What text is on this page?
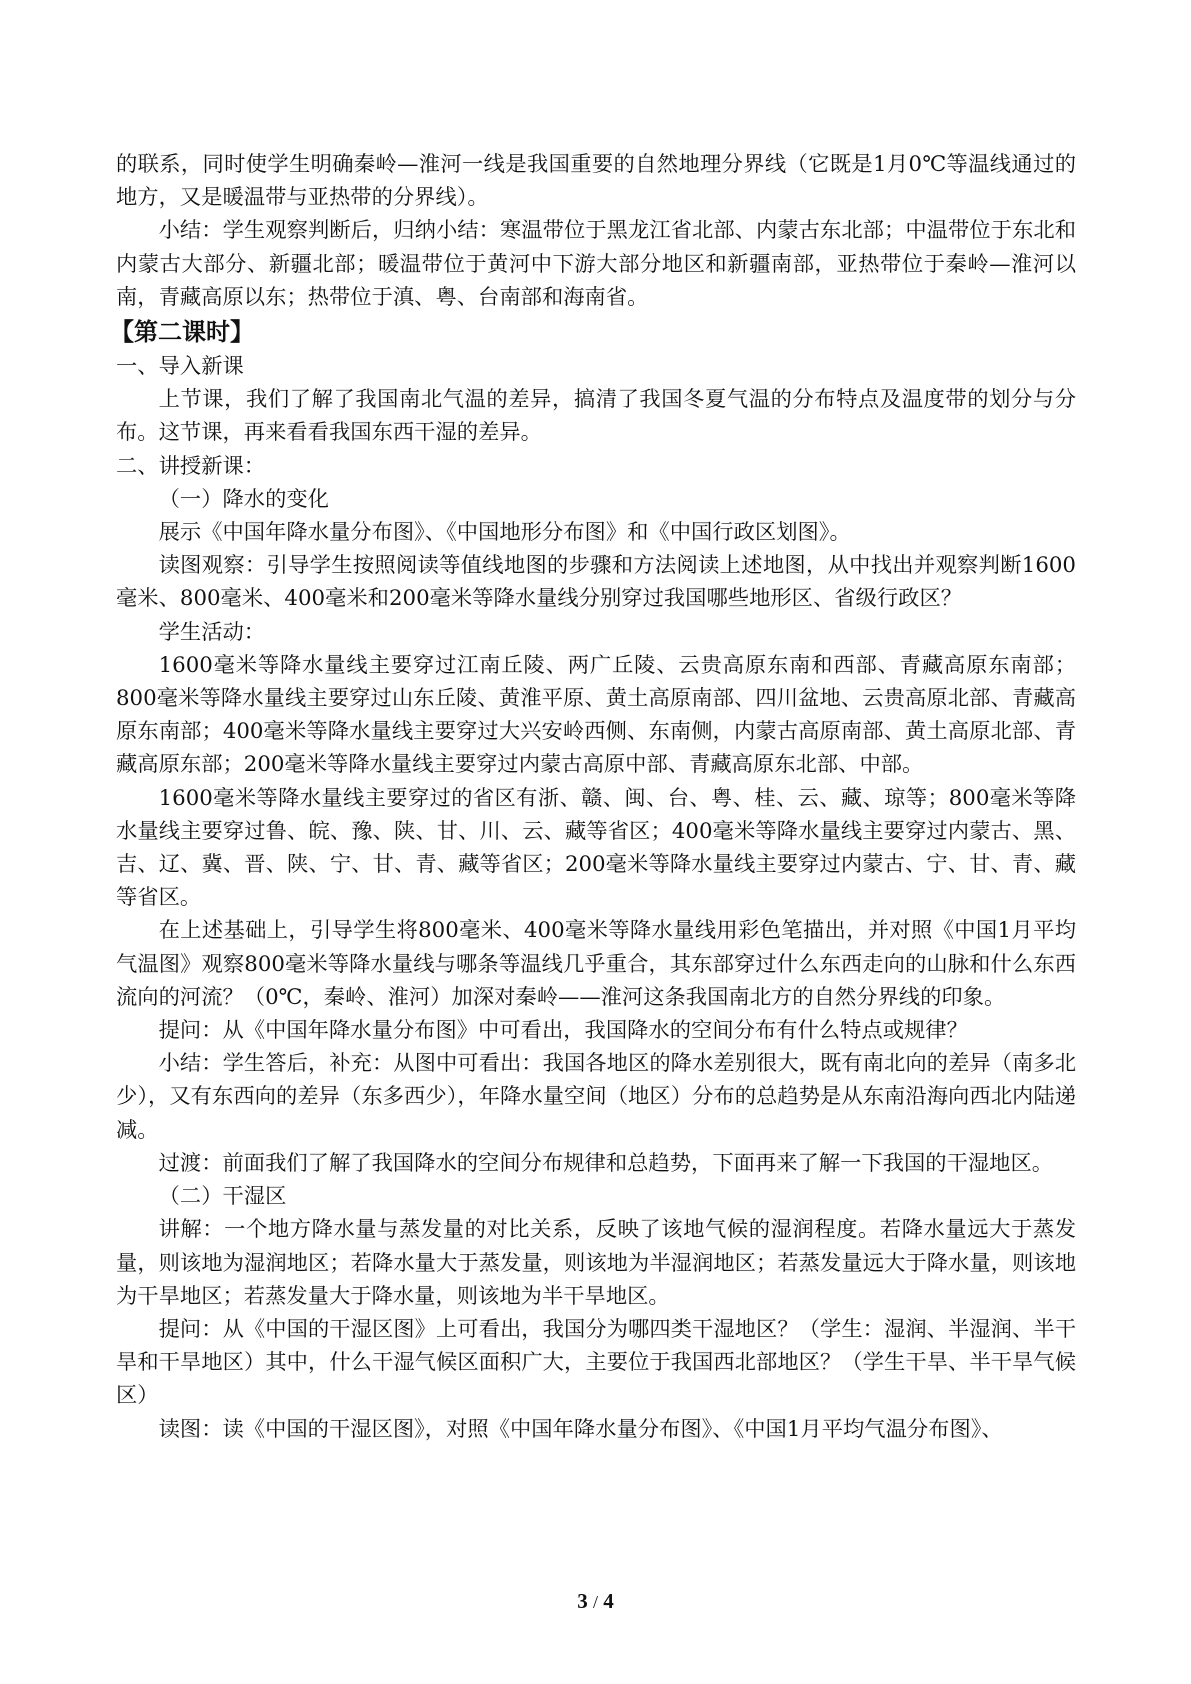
的联系，同时使学生明确秦岭—淮河一线是我国重要的自然地理分界线（它既是1月0℃等温线通过的地方，又是暖温带与亚热带的分界线）。

小结：学生观察判断后，归纳小结：寒温带位于黑龙江省北部、内蒙古东北部；中温带位于东北和内蒙古大部分、新疆北部；暖温带位于黄河中下游大部分地区和新疆南部，亚热带位于秦岭—淮河以南，青藏高原以东；热带位于滇、粤、台南部和海南省。

【第二课时】

一、导入新课

上节课，我们了解了我国南北气温的差异，搞清了我国冬夏气温的分布特点及温度带的划分与分布。这节课，再来看看我国东西干湿的差异。

二、讲授新课：

（一）降水的变化

展示《中国年降水量分布图》、《中国地形分布图》和《中国行政区划图》。

读图观察：引导学生按照阅读等值线地图的步骤和方法阅读上述地图，从中找出并观察判断1600毫米、800毫米、400毫米和200毫米等降水量线分别穿过我国哪些地形区、省级行政区？

学生活动：

1600毫米等降水量线主要穿过江南丘陵、两广丘陵、云贵高原东南和西部、青藏高原东南部；800毫米等降水量线主要穿过山东丘陵、黄淮平原、黄土高原南部、四川盆地、云贵高原北部、青藏高原东南部；400毫米等降水量线主要穿过大兴安岭西侧、东南侧，内蒙古高原南部、黄土高原北部、青藏高原东部；200毫米等降水量线主要穿过内蒙古高原中部、青藏高原东北部、中部。

1600毫米等降水量线主要穿过的省区有浙、赣、闽、台、粤、桂、云、藏、琼等；800毫米等降水量线主要穿过鲁、皖、豫、陕、甘、川、云、藏等省区；400毫米等降水量线主要穿过内蒙古、黑、吉、辽、冀、晋、陕、宁、甘、青、藏等省区；200毫米等降水量线主要穿过内蒙古、宁、甘、青、藏等省区。

在上述基础上，引导学生将800毫米、400毫米等降水量线用彩色笔描出，并对照《中国1月平均气温图》观察800毫米等降水量线与哪条等温线几乎重合，其东部穿过什么东西走向的山脉和什么东西流向的河流？（0℃，秦岭、淮河）加深对秦岭——淮河这条我国南北方的自然分界线的印象。

提问：从《中国年降水量分布图》中可看出，我国降水的空间分布有什么特点或规律？

小结：学生答后，补充：从图中可看出：我国各地区的降水差别很大，既有南北向的差异（南多北少），又有东西向的差异（东多西少），年降水量空间（地区）分布的总趋势是从东南沿海向西北内陆递减。

过渡：前面我们了解了我国降水的空间分布规律和总趋势，下面再来了解一下我国的干湿地区。

（二）干湿区

讲解：一个地方降水量与蒸发量的对比关系，反映了该地气候的湿润程度。若降水量远大于蒸发量，则该地为湿润地区；若降水量大于蒸发量，则该地为半湿润地区；若蒸发量远大于降水量，则该地为干旱地区；若蒸发量大于降水量，则该地为半干旱地区。

提问：从《中国的干湿区图》上可看出，我国分为哪四类干湿地区？（学生：湿润、半湿润、半干旱和干旱地区）其中，什么干湿气候区面积广大，主要位于我国西北部地区？（学生干旱、半干旱气候区）

读图：读《中国的干湿区图》，对照《中国年降水量分布图》、《中国1月平均气温分布图》、

3 / 4
